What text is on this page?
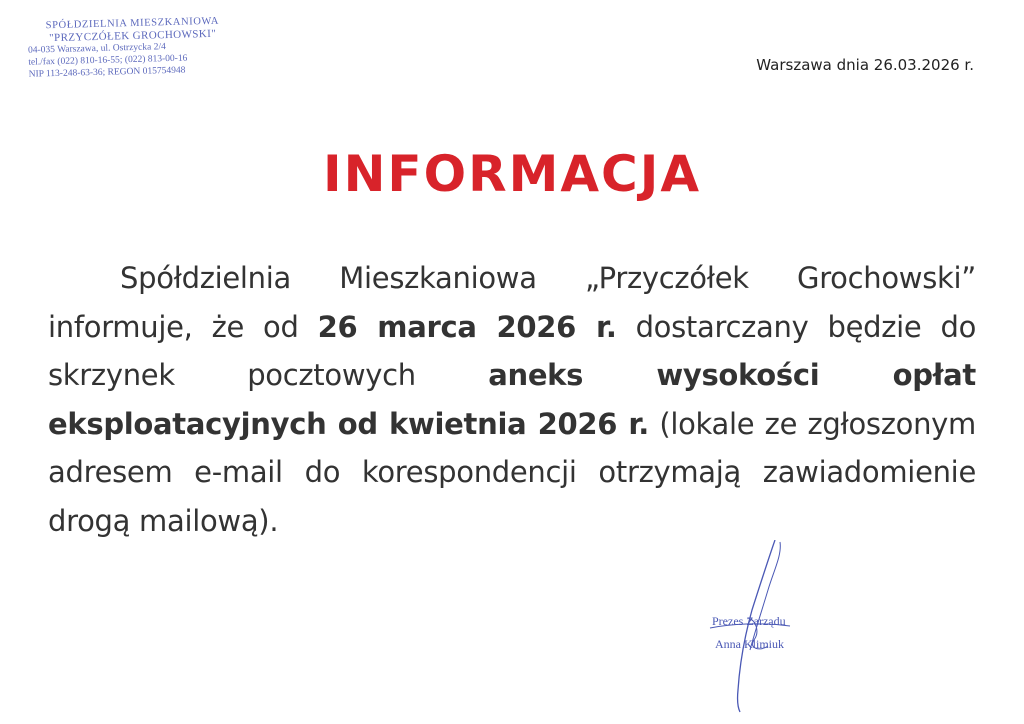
SPÓŁDZIELNIA MIESZKANIOWA
"PRZYCZÓŁEK GROCHOWSKI"
04-035 Warszawa, ul. Ostrzycka 2/4
tel./fax (022) 810-16-55; (022) 813-00-16
NIP 113-248-63-36; REGON 015754948	Warszawa dnia 26.03.2026 r.
INFORMACJA
Spółdzielnia Mieszkaniowa „Przyczółek Grochowski” informuje, że od 26 marca 2026 r. dostarczany będzie do skrzynek pocztowych aneks wysokości opłat eksploatacyjnych od kwietnia 2026 r. (lokale ze zgłoszonym adresem e-mail do korespondencji otrzymają zawiadomienie drogą mailową).
Prezes Zarządu
Anna Klimiuk
